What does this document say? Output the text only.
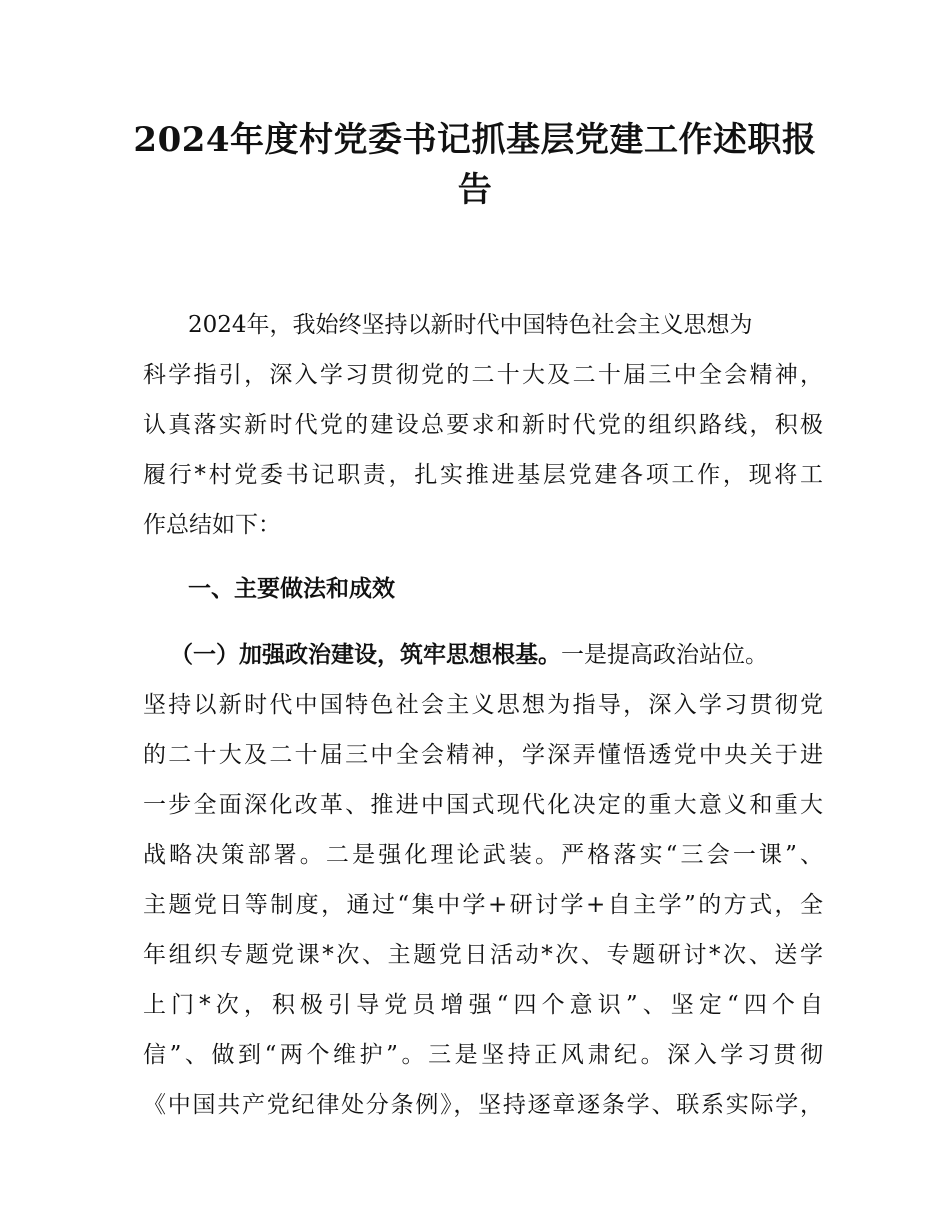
2024年度村党委书记抓基层党建工作述职报
告

2024年，我始终坚持以新时代中国特色社会主义思想为

科学指引，深入学习贯彻党的二十大及二十届三中全会精神，

认真落实新时代党的建设总要求和新时代党的组织路线，积极

履行*村党委书记职责，扎实推进基层党建各项工作，现将工

作总结如下：

一、主要做法和成效

（一）加强政治建设，筑牢思想根基。一是提高政治站位。

坚持以新时代中国特色社会主义思想为指导，深入学习贯彻党

的二十大及二十届三中全会精神，学深弄懂悟透党中央关于进

一步全面深化改革、推进中国式现代化决定的重大意义和重大

战略决策部署。二是强化理论武装。严格落实“三会一课”、

主题党日等制度，通过“集中学+研讨学+自主学”的方式，全

年组织专题党课*次、主题党日活动*次、专题研讨*次、送学

上门*次，积极引导党员增强“四个意识”、坚定“四个自

信”、做到“两个维护”。三是坚持正风肃纪。深入学习贯彻

《中国共产党纪律处分条例》，坚持逐章逐条学、联系实际学，
